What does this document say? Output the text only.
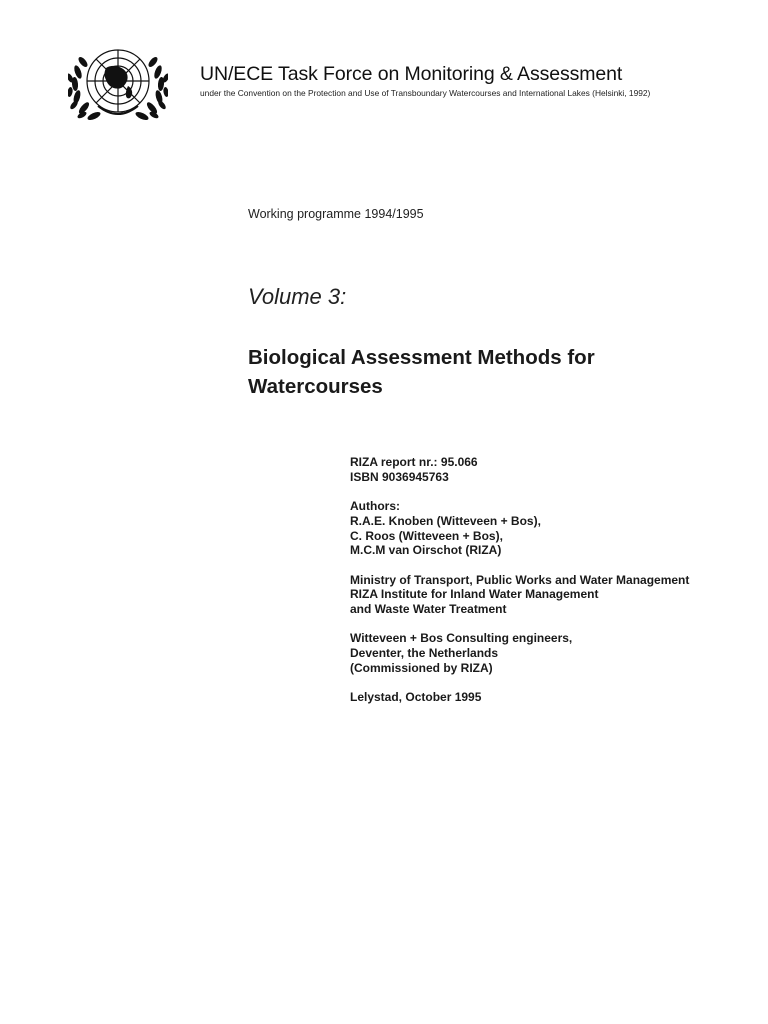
UN/ECE Task Force on Monitoring & Assessment
under the Convention on the Protection and Use of Transboundary Watercourses and International Lakes (Helsinki, 1992)
Working programme 1994/1995
Volume 3:
Biological Assessment Methods for
Watercourses
RIZA report nr.: 95.066
ISBN 9036945763
Authors:
R.A.E. Knoben (Witteveen + Bos),
C. Roos (Witteveen + Bos),
M.C.M van Oirschot (RIZA)
Ministry of Transport, Public Works and Water Management
RIZA Institute for Inland Water Management
and Waste Water Treatment
Witteveen + Bos Consulting engineers,
Deventer, the Netherlands
(Commissioned by RIZA)
Lelystad, October 1995
